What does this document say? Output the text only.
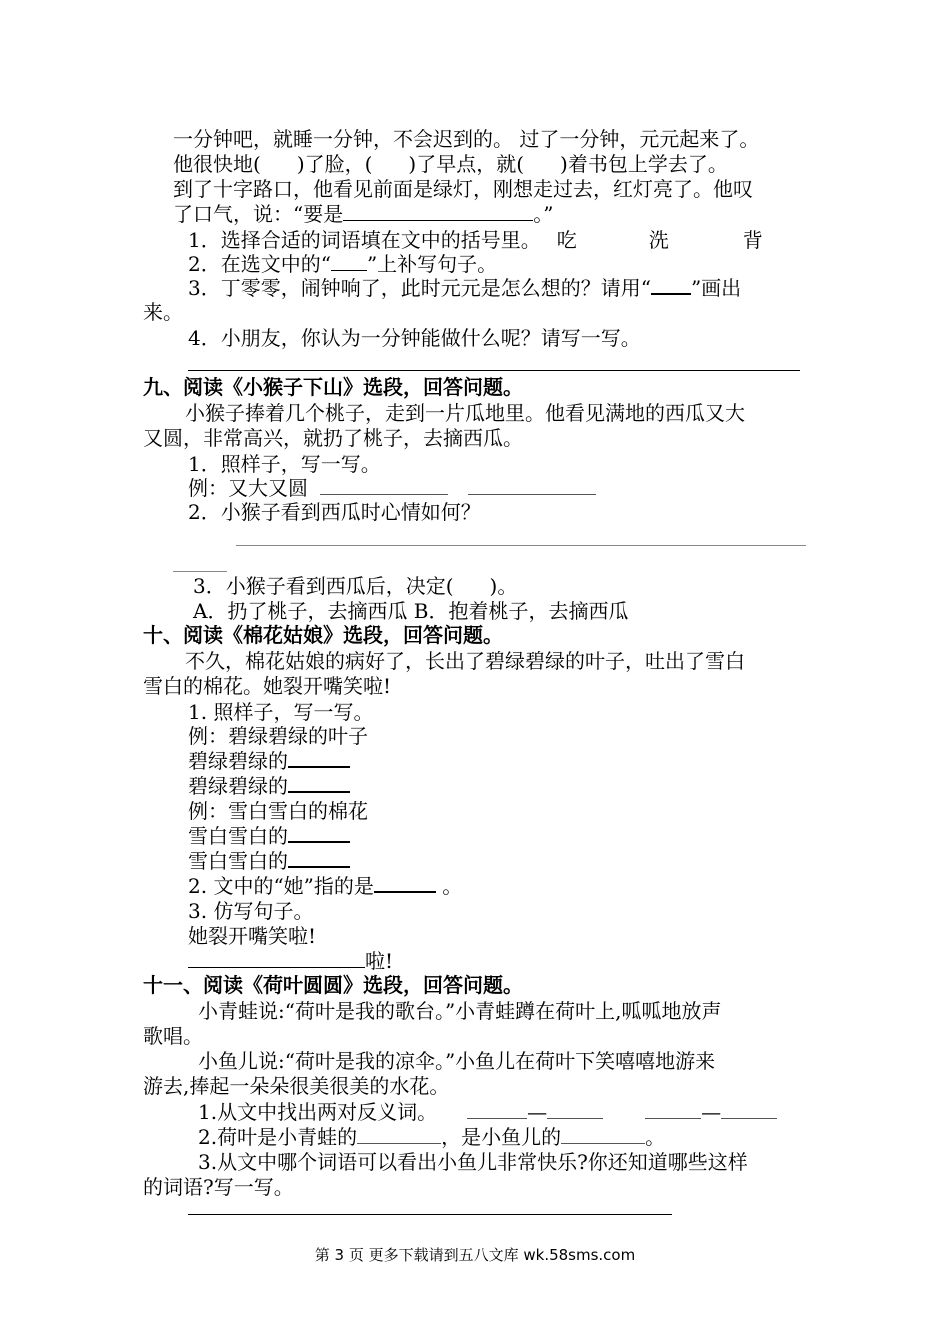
一分钟吧，就睡一分钟，不会迟到的。 过了一分钟，元元起来了。
他很快地( )了脸，( )了早点，就( )着书包上学去了。
到了十字路口，他看见前面是绿灯，刚想走过去，红灯亮了。他叹
了口气，说：“要是	。”
1．选择合适的词语填在文中的括号里。 吃	洗	背
2．在选文中的“ ”上补写句子。
3．丁零零，闹钟响了，此时元元是怎么想的？请用“ ”画出
来。
4．小朋友，你认为一分钟能做什么呢？请写一写。
九、阅读《小猴子下山》选段，回答问题。
小猴子捧着几个桃子，走到一片瓜地里。他看见满地的西瓜又大
又圆，非常高兴，就扔了桃子，去摘西瓜。
1．照样子，写一写。
例：又大又圆
2．小猴子看到西瓜时心情如何？
3．小猴子看到西瓜后，决定( )。
A．扔了桃子，去摘西瓜 B．抱着桃子，去摘西瓜
十、阅读《棉花姑娘》选段，回答问题。
不久，棉花姑娘的病好了，长出了碧绿碧绿的叶子，吐出了雪白
雪白的棉花。她裂开嘴笑啦!
1. 照样子，写一写。
例：碧绿碧绿的叶子
碧绿碧绿的
碧绿碧绿的
例：雪白雪白的棉花
雪白雪白的
雪白雪白的
2. 文中的“她”指的是	。
3. 仿写句子。
她裂开嘴笑啦!
啦!
十一、阅读《荷叶圆圆》选段，回答问题。
小青蛙说:“荷叶是我的歌台。”小青蛙蹲在荷叶上,呱呱地放声
歌唱。
小鱼儿说:“荷叶是我的凉伞。”小鱼儿在荷叶下笑嘻嘻地游来
游去,捧起一朵朵很美很美的水花。
1.从文中找出两对反义词。	—	—
2.荷叶是小青蛙的	，是小鱼儿的	。
3.从文中哪个词语可以看出小鱼儿非常快乐?你还知道哪些这样
的词语?写一写。
第 3 页 更多下载请到五八文库 wk.58sms.com
